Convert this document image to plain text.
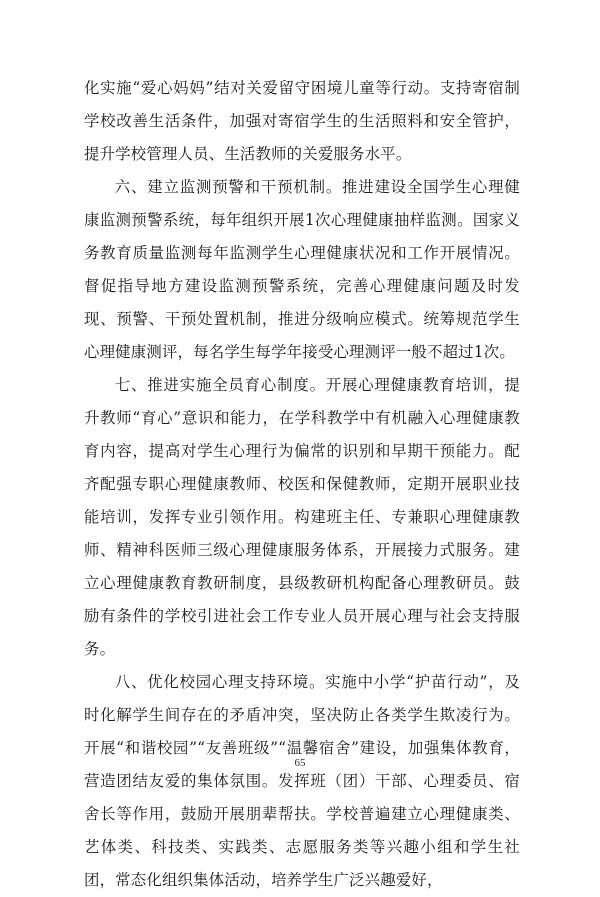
化实施“爱心妈妈”结对关爱留守困境儿童等行动。支持寄宿制学校改善生活条件，加强对寄宿学生的生活照料和安全管护，提升学校管理人员、生活教师的关爱服务水平。

六、建立监测预警和干预机制。推进建设全国学生心理健康监测预警系统，每年组织开展1次心理健康抽样监测。国家义务教育质量监测每年监测学生心理健康状况和工作开展情况。督促指导地方建设监测预警系统，完善心理健康问题及时发现、预警、干预处置机制，推进分级响应模式。统筹规范学生心理健康测评，每名学生每学年接受心理测评一般不超过1次。

七、推进实施全员育心制度。开展心理健康教育培训，提升教师“育心”意识和能力，在学科教学中有机融入心理健康教育内容，提高对学生心理行为偏常的识别和早期干预能力。配齐配强专职心理健康教师、校医和保健教师，定期开展职业技能培训，发挥专业引领作用。构建班主任、专兼职心理健康教师、精神科医师三级心理健康服务体系，开展接力式服务。建立心理健康教育教研制度，县级教研机构配备心理教研员。鼓励有条件的学校引进社会工作专业人员开展心理与社会支持服务。

八、优化校园心理支持环境。实施中小学“护苗行动”，及时化解学生间存在的矛盾冲突，坚决防止各类学生欺凌行为。开展“和谐校园”“友善班级”“温馨宿舍”建设，加强集体教育，营造团结友爱的集体氛围。发挥班（团）干部、心理委员、宿舍长等作用，鼓励开展朋辈帮扶。学校普遍建立心理健康类、艺体类、科技类、实践类、志愿服务类等兴趣小组和学生社团，常态化组织集体活动，培养学生广泛兴趣爱好，

65
